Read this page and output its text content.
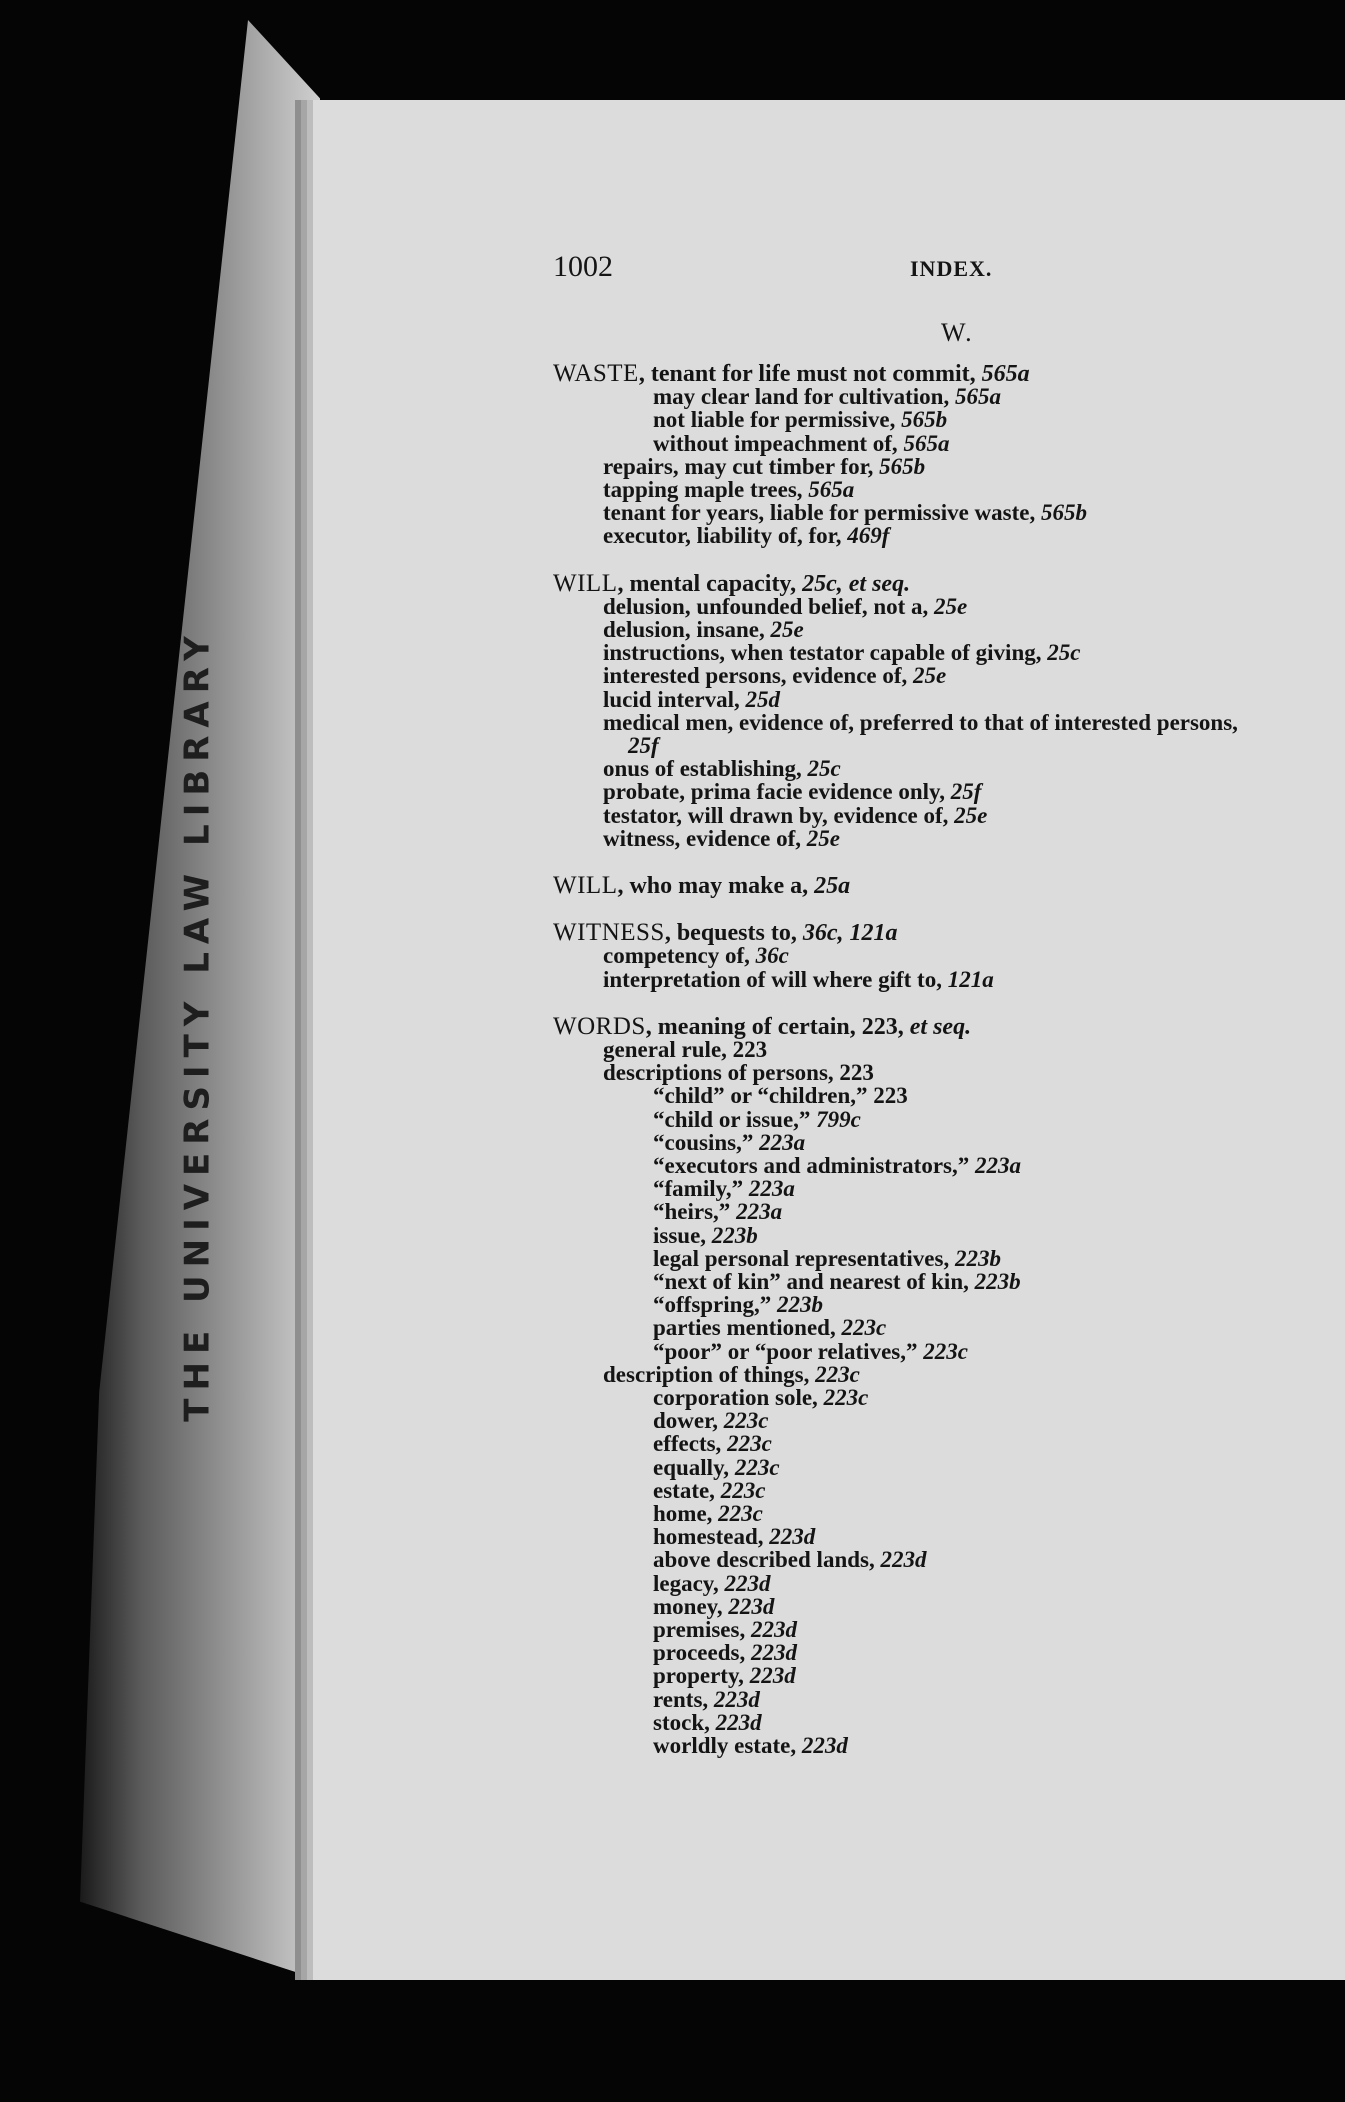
THE UNIVERSITY LAW LIBRARY
1002	INDEX.
W.
WASTE, tenant for life must not commit, 565a
may clear land for cultivation, 565a
not liable for permissive, 565b
without impeachment of, 565a
repairs, may cut timber for, 565b
tapping maple trees, 565a
tenant for years, liable for permissive waste, 565b
executor, liability of, for, 469f
WILL, mental capacity, 25c, et seq.
delusion, unfounded belief, not a, 25e
delusion, insane, 25e
instructions, when testator capable of giving, 25c
interested persons, evidence of, 25e
lucid interval, 25d
medical men, evidence of, preferred to that of interested persons,
25f
onus of establishing, 25c
probate, prima facie evidence only, 25f
testator, will drawn by, evidence of, 25e
witness, evidence of, 25e
WILL, who may make a, 25a
WITNESS, bequests to, 36c, 121a
competency of, 36c
interpretation of will where gift to, 121a
WORDS, meaning of certain, 223, et seq.
general rule, 223
descriptions of persons, 223
“child” or “children,” 223
“child or issue,” 799c
“cousins,” 223a
“executors and administrators,” 223a
“family,” 223a
“heirs,” 223a
issue, 223b
legal personal representatives, 223b
“next of kin” and nearest of kin, 223b
“offspring,” 223b
parties mentioned, 223c
“poor” or “poor relatives,” 223c
description of things, 223c
corporation sole, 223c
dower, 223c
effects, 223c
equally, 223c
estate, 223c
home, 223c
homestead, 223d
above described lands, 223d
legacy, 223d
money, 223d
premises, 223d
proceeds, 223d
property, 223d
rents, 223d
stock, 223d
worldly estate, 223d
